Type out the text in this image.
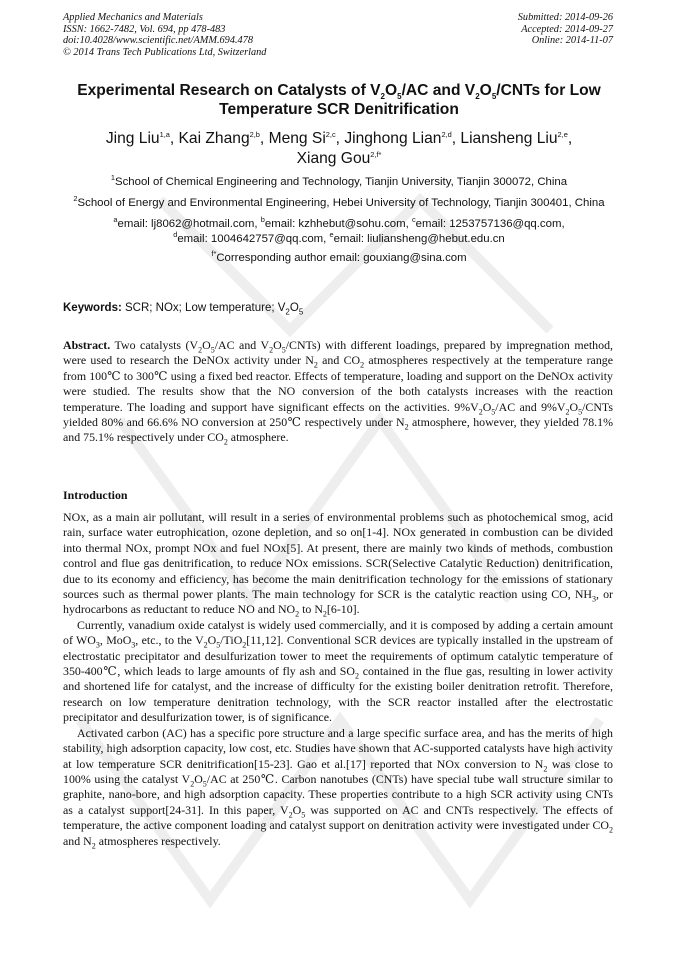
Applied Mechanics and Materials
ISSN: 1662-7482, Vol. 694, pp 478-483
doi:10.4028/www.scientific.net/AMM.694.478
© 2014 Trans Tech Publications Ltd, Switzerland
Submitted: 2014-09-26
Accepted: 2014-09-27
Online: 2014-11-07
Experimental Research on Catalysts of $V_2O_5/AC$ and $V_2O_5$/CNTs for Low Temperature SCR Denitrification
Jing Liu$^{1,a}$, Kai Zhang$^{2,b}$, Meng Si$^{2,c}$, Jinghong Lian$^{2,d}$, Liansheng Liu$^{2,e}$,
Xiang Gou$^{2,f*}$

$^1$School of Chemical Engineering and Technology, Tianjin University, Tianjin 300072, China

$^2$School of Energy and Environmental Engineering, Hebei University of Technology, Tianjin 300401, China

$^a$email: lj8062@hotmail.com, $^b$email: kzhhebut@sohu.com, $^c$email: 1253757136@qq.com,
$^d$email: 1004642757@qq.com, $^e$email: liuliansheng@hebut.edu.cn

$^{f*}$Corresponding author email: gouxiang@sina.com

Keywords: SCR; NOx; Low temperature; $V_2O_5$

Abstract. Two catalysts ($V_2O_5/AC$ and $V_2O_5/CNTs$) with different loadings, prepared by impregnation method, were used to research the DeNOx activity under $N_2$ and $CO_2$ atmospheres respectively at the temperature range from 100℃ to 300℃ using a fixed bed reactor. Effects of temperature, loading and support on the DeNOx activity were studied. The results show that the NO conversion of the both catalysts increases with the reaction temperature. The loading and support have significant effects on the activities. $9\%V_2O_5/AC$ and $9\%V_2O_5$/CNTs yielded 80% and 66.6% NO conversion at 250℃ respectively under $N_2$ atmosphere, however, they yielded 78.1% and 75.1% respectively under $CO_2$ atmosphere.

Introduction

NOx, as a main air pollutant, will result in a series of environmental problems such as photochemical smog, acid rain, surface water eutrophication, ozone depletion, and so on[1-4]. NOx generated in combustion can be divided into thermal NOx, prompt NOx and fuel NOx[5]. At present, there are mainly two kinds of methods, combustion control and flue gas denitrification, to reduce NOx emissions. SCR(Selective Catalytic Reduction) denitrification, due to its economy and efficiency, has become the main denitrification technology for the emissions of stationary sources such as thermal power plants. The main technology for SCR is the catalytic reaction using CO, $NH_3$, or hydrocarbons as reductant to reduce NO and $NO_2$ to $N_2[6-10]$.

Currently, vanadium oxide catalyst is widely used commercially, and it is composed by adding a certain amount of $WO_3$, MoO$_3$, etc., to the $V_2O_5/TiO_2[11,12]$. Conventional SCR devices are typically installed in the upstream of electrostatic precipitator and desulfurization tower to meet the requirements of optimum catalytic temperature of 350-400℃, which leads to large amounts of fly ash and $SO_2$ contained in the flue gas, resulting in lower activity and shortened life for catalyst, and the increase of difficulty for the existing boiler denitration retrofit. Therefore, research on low temperature denitration technology, with the SCR reactor installed after the electrostatic precipitator and desulfurization tower, is of significance.

Activated carbon (AC) has a specific pore structure and a large specific surface area, and has the merits of high stability, high adsorption capacity, low cost, etc. Studies have shown that AC-supported catalysts have high activity at low temperature SCR denitrification[15-23]. Gao et al.[17] reported that NOx conversion to $N_2$ was close to 100% using the catalyst $V_2O_5/AC$ at 250℃. Carbon nanotubes (CNTs) have special tube wall structure similar to graphite, nano-bore, and high adsorption capacity. These properties contribute to a high SCR activity using CNTs as a catalyst support[24-31]. In this paper, $V_2O_5$ was supported on AC and CNTs respectively. The effects of temperature, the active component loading and catalyst support on denitration activity were investigated under $CO_2$ and $N_2$ atmospheres respectively.
